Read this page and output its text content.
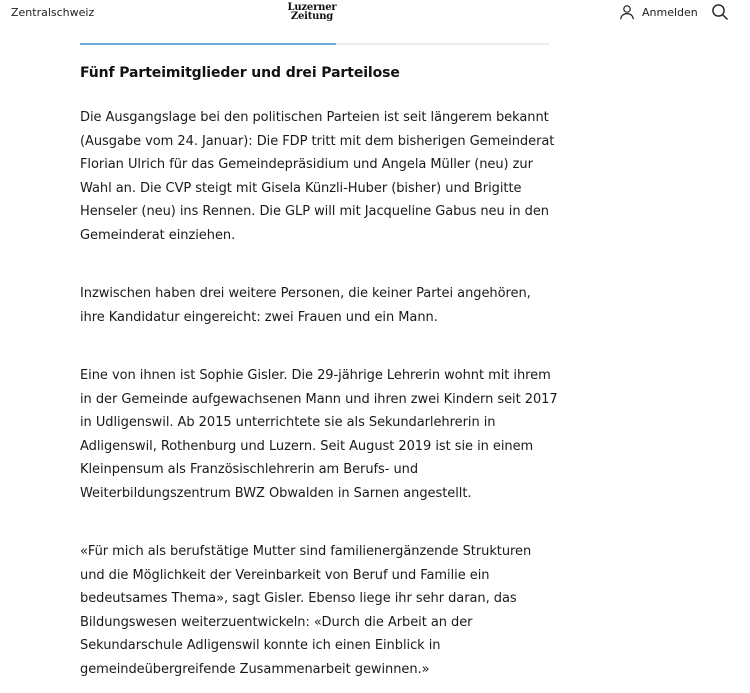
Zentralschweiz	Luzerner
Zeitung	Anmelden
Fünf Parteimitglieder und drei Parteilose

Die Ausgangslage bei den politischen Parteien ist seit längerem bekannt (Ausgabe vom 24. Januar): Die FDP tritt mit dem bisherigen Gemeinderat Florian Ulrich für das Gemeindepräsidium und Angela Müller (neu) zur Wahl an. Die CVP steigt mit Gisela Künzli-Huber (bisher) und Brigitte Henseler (neu) ins Rennen. Die GLP will mit Jacqueline Gabus neu in den Gemeinderat einziehen.

Inzwischen haben drei weitere Personen, die keiner Partei angehören, ihre Kandidatur eingereicht: zwei Frauen und ein Mann.

Eine von ihnen ist Sophie Gisler. Die 29-jährige Lehrerin wohnt mit ihrem in der Gemeinde aufgewachsenen Mann und ihren zwei Kindern seit 2017 in Udligenswil. Ab 2015 unterrichtete sie als Sekundarlehrerin in Adligenswil, Rothenburg und Luzern. Seit August 2019 ist sie in einem Kleinpensum als Französischlehrerin am Berufs- und Weiterbildungszentrum BWZ Obwalden in Sarnen angestellt.

«Für mich als berufstätige Mutter sind familienergänzende Strukturen und die Möglichkeit der Vereinbarkeit von Beruf und Familie ein bedeutsames Thema», sagt Gisler. Ebenso liege ihr sehr daran, das Bildungswesen weiterzuentwickeln: «Durch die Arbeit an der Sekundarschule Adligenswil konnte ich einen Einblick in gemeindeübergreifende Zusammenarbeit gewinnen.»
